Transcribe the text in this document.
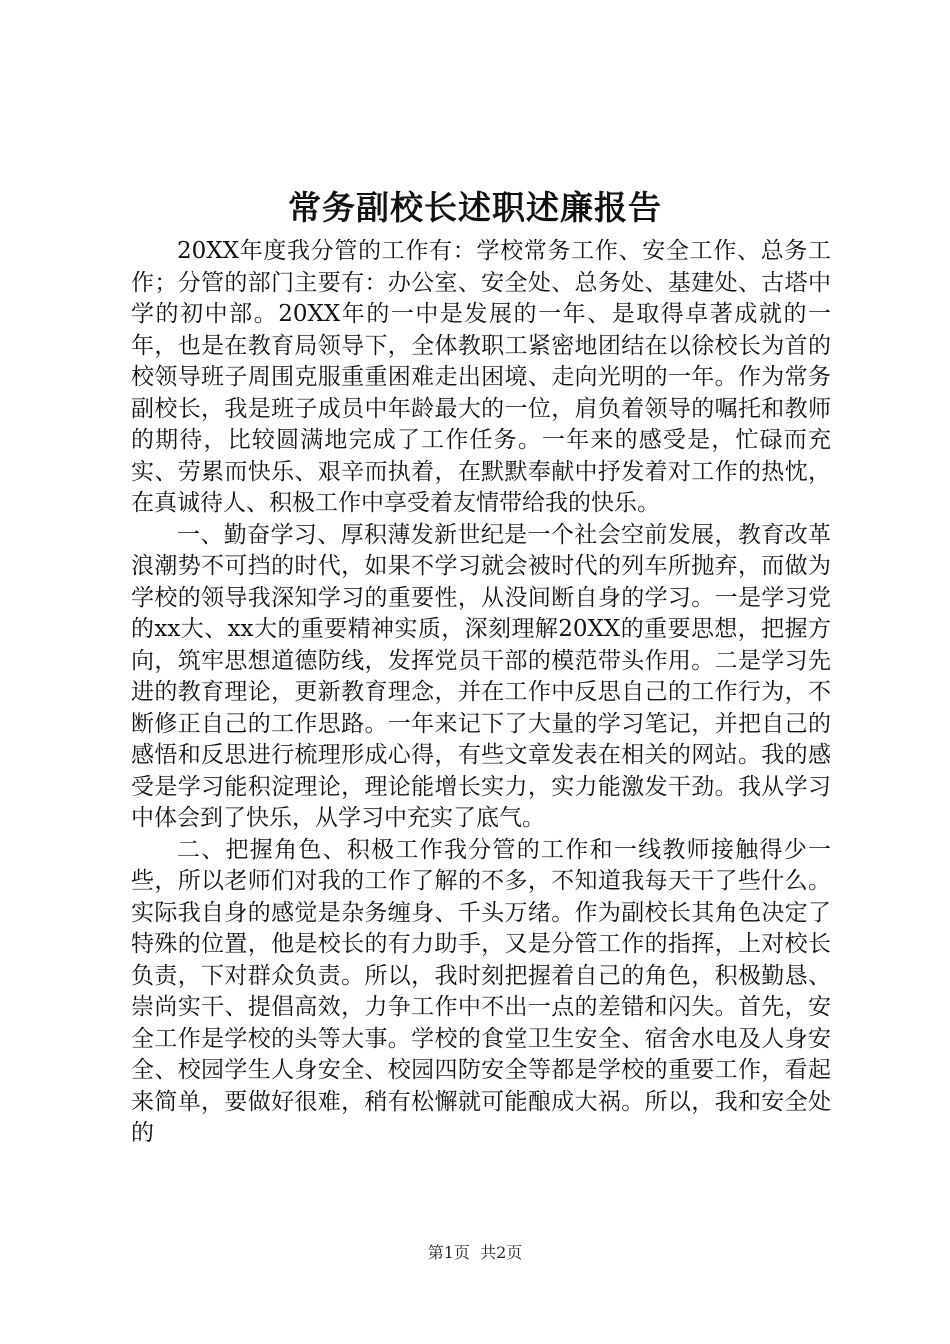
常务副校长述职述廉报告

20XX年度我分管的工作有：学校常务工作、安全工作、总务工作；分管的部门主要有：办公室、安全处、总务处、基建处、古塔中学的初中部。20XX年的一中是发展的一年、是取得卓著成就的一年，也是在教育局领导下，全体教职工紧密地团结在以徐校长为首的校领导班子周围克服重重困难走出困境、走向光明的一年。作为常务副校长，我是班子成员中年龄最大的一位，肩负着领导的嘱托和教师的期待，比较圆满地完成了工作任务。一年来的感受是，忙碌而充实、劳累而快乐、艰辛而执着，在默默奉献中抒发着对工作的热忱，在真诚待人、积极工作中享受着友情带给我的快乐。

一、勤奋学习、厚积薄发新世纪是一个社会空前发展，教育改革浪潮势不可挡的时代，如果不学习就会被时代的列车所抛弃，而做为学校的领导我深知学习的重要性，从没间断自身的学习。一是学习党的xx大、xx大的重要精神实质，深刻理解20XX的重要思想，把握方向，筑牢思想道德防线，发挥党员干部的模范带头作用。二是学习先进的教育理论，更新教育理念，并在工作中反思自己的工作行为，不断修正自己的工作思路。一年来记下了大量的学习笔记，并把自己的感悟和反思进行梳理形成心得，有些文章发表在相关的网站。我的感受是学习能积淀理论，理论能增长实力，实力能激发干劲。我从学习中体会到了快乐，从学习中充实了底气。

二、把握角色、积极工作我分管的工作和一线教师接触得少一些，所以老师们对我的工作了解的不多，不知道我每天干了些什么。实际我自身的感觉是杂务缠身、千头万绪。作为副校长其角色决定了特殊的位置，他是校长的有力助手，又是分管工作的指挥，上对校长负责，下对群众负责。所以，我时刻把握着自己的角色，积极勤恳、崇尚实干、提倡高效，力争工作中不出一点的差错和闪失。首先，安全工作是学校的头等大事。学校的食堂卫生安全、宿舍水电及人身安全、校园学生人身安全、校园四防安全等都是学校的重要工作，看起来简单，要做好很难，稍有松懈就可能酿成大祸。所以，我和安全处的

第1页 共2页
